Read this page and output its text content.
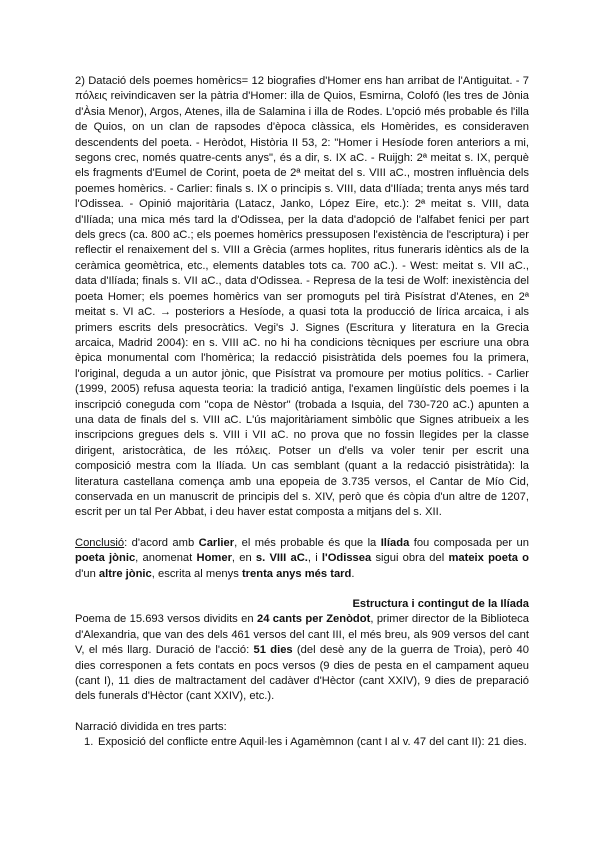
2) Datació dels poemes homèrics= 12 biografies d'Homer ens han arribat de l'Antiguitat. - 7 πόλεις reivindicaven ser la pàtria d'Homer: illa de Quios, Esmirna, Colofó (les tres de Jònia d'Àsia Menor), Argos, Atenes, illa de Salamina i illa de Rodes. L'opció més probable és l'illa de Quios, on un clan de rapsodes d'època clàssica, els Homèrides, es consideraven descendents del poeta. - Heròdot, Història II 53, 2: "Homer i Hesíode foren anteriors a mi, segons crec, només quatre-cents anys", és a dir, s. IX aC. - Ruijgh: 2ª meitat s. IX, perquè els fragments d'Eumel de Corint, poeta de 2ª meitat del s. VIII aC., mostren influència dels poemes homèrics. - Carlier: finals s. IX o principis s. VIII, data d'Ilíada; trenta anys més tard l'Odissea. - Opinió majoritària (Latacz, Janko, López Eire, etc.): 2ª meitat s. VIII, data d'Ilíada; una mica més tard la d'Odissea, per la data d'adopció de l'alfabet fenici per part dels grecs (ca. 800 aC.; els poemes homèrics pressuposen l'existència de l'escriptura) i per reflectir el renaixement del s. VIII a Grècia (armes hoplites, ritus funeraris idèntics als de la ceràmica geomètrica, etc., elements datables tots ca. 700 aC.). - West: meitat s. VII aC., data d'Ilíada; finals s. VII aC., data d'Odissea. - Represa de la tesi de Wolf: inexistència del poeta Homer; els poemes homèrics van ser promoguts pel tirà Pisístrat d'Atenes, en 2ª meitat s. VI aC. → posteriors a Hesíode, a quasi tota la producció de lírica arcaica, i als primers escrits dels presocràtics. Vegi's J. Signes (Escritura y literatura en la Grecia arcaica, Madrid 2004): en s. VIII aC. no hi ha condicions tècniques per escriure una obra èpica monumental com l'homèrica; la redacció pisistràtida dels poemes fou la primera, l'original, deguda a un autor jònic, que Pisístrat va promoure per motius polítics. - Carlier (1999, 2005) refusa aquesta teoria: la tradició antiga, l'examen lingüístic dels poemes i la inscripció coneguda com "copa de Nèstor" (trobada a Isquia, del 730-720 aC.) apunten a una data de finals del s. VIII aC. L'ús majoritàriament simbòlic que Signes atribueix a les inscripcions gregues dels s. VIII i VII aC. no prova que no fossin llegides per la classe dirigent, aristocràtica, de les πόλεις. Potser un d'ells va voler tenir per escrit una composició mestra com la Ilíada. Un cas semblant (quant a la redacció pisistràtida): la literatura castellana comença amb una epopeia de 3.735 versos, el Cantar de Mío Cid, conservada en un manuscrit de principis del s. XIV, però que és còpia d'un altre de 1207, escrit per un tal Per Abbat, i deu haver estat composta a mitjans del s. XII.

Conclusió: d'acord amb Carlier, el més probable és que la Ilíada fou composada per un poeta jònic, anomenat Homer, en s. VIII aC., i l'Odissea sigui obra del mateix poeta o d'un altre jònic, escrita al menys trenta anys més tard.

Estructura i contingut de la Ilíada

Poema de 15.693 versos dividits en 24 cants per Zenòdot, primer director de la Biblioteca d'Alexandria, que van des dels 461 versos del cant III, el més breu, als 909 versos del cant V, el més llarg. Duració de l'acció: 51 dies (del desè any de la guerra de Troia), però 40 dies corresponen a fets contats en pocs versos (9 dies de pesta en el campament aqueu (cant I), 11 dies de maltractament del cadàver d'Hèctor (cant XXIV), 9 dies de preparació dels funerals d'Hèctor (cant XXIV), etc.).

Narració dividida en tres parts:

1. Exposició del conflicte entre Aquil·les i Agamèmnon (cant I al v. 47 del cant II): 21 dies.
